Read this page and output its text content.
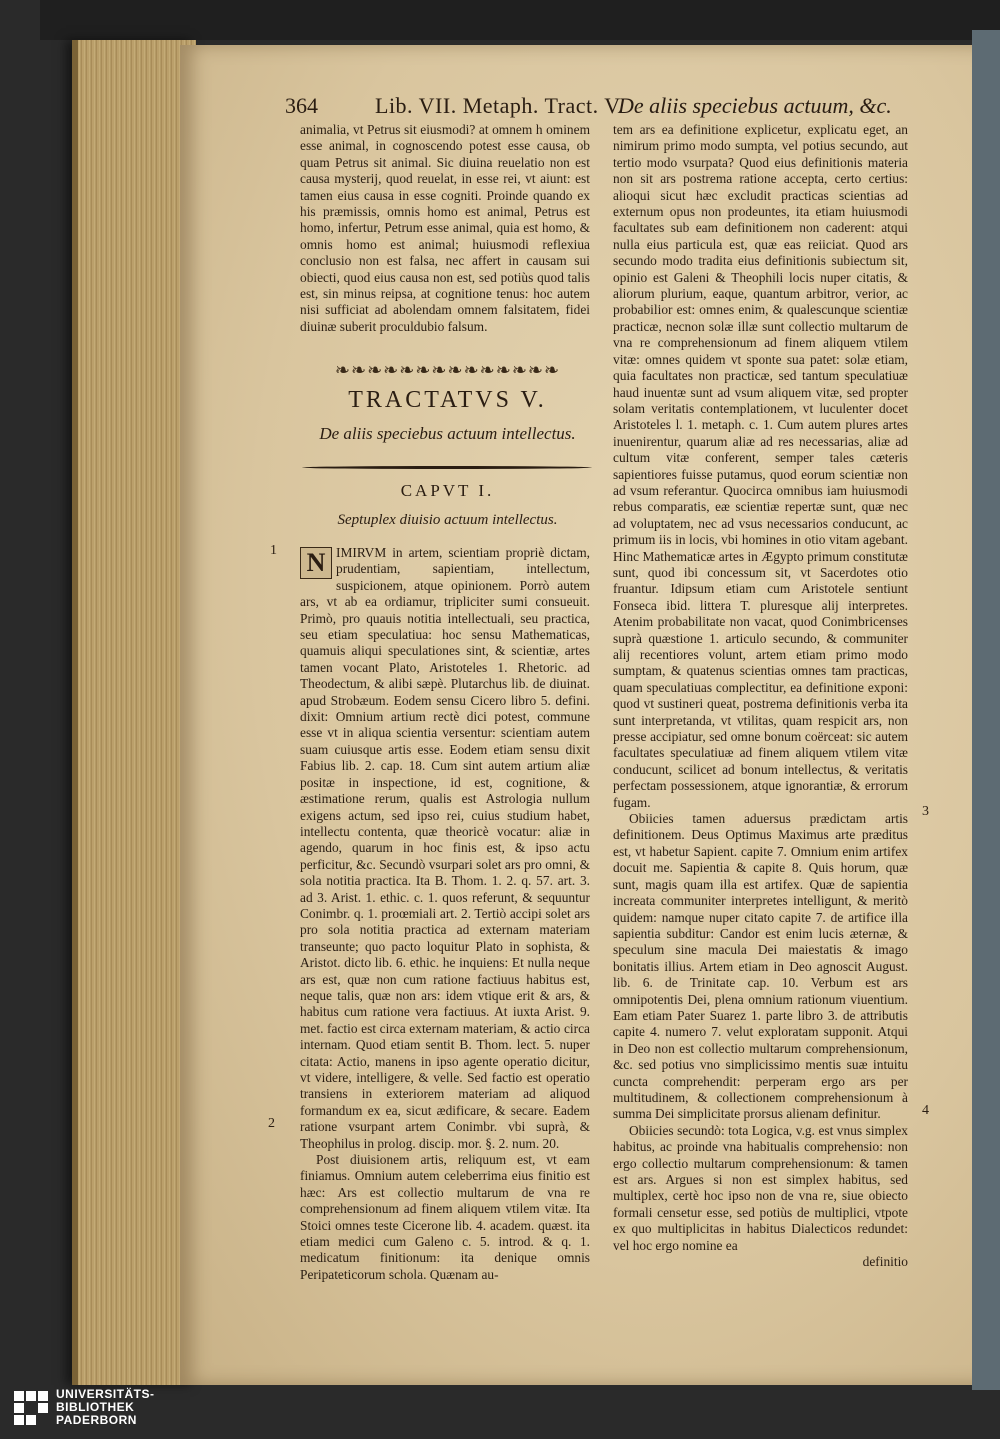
364	Lib. VII. Metaph. Tract. V.
De aliis speciebus actuum, &c.

animalia, vt Petrus sit eiusmodi? at omnem h ominem esse animal, in cognoscendo potest esse causa, ob quam Petrus sit animal. Sic diuina reuelatio non est causa mysterij, quod reuelat, in esse rei, vt aiunt: est tamen eius causa in esse cogniti. Proinde quando ex his præmissis, omnis homo est animal, Petrus est homo, infertur, Petrum esse animal, quia est homo, & omnis homo est animal; huiusmodi reflexiua conclusio non est falsa, nec affert in causam sui obiecti, quod eius causa non est, sed potiùs quod talis est, sin minus reipsa, at cognitione tenus: hoc autem nisi sufficiat ad abolendam omnem falsitatem, fidei diuinæ suberit proculdubio falsum.

❧❧❧❧❧❧❧❧❧❧❧❧❧❧
TRACTATVS V.
De aliis speciebus actuum intellectus.
CAPVT I.
Septuplex diuisio actuum intellectus.

N IMIRVM in artem, scientiam propriè dictam, prudentiam, sapientiam, intellectum, suspicionem, atque opinionem. Porrò autem ars, vt ab ea ordiamur, tripliciter sumi consueuit. Primò, pro quauis notitia intellectuali, seu practica, seu etiam speculatiua: hoc sensu Mathematicas, quamuis aliqui speculationes sint, & scientiæ, artes tamen vocant Plato, Aristoteles 1. Rhetoric. ad Theodectum, & alibi sæpè. Plutarchus lib. de diuinat. apud Strobæum. Eodem sensu Cicero libro 5. defini. dixit: Omnium artium rectè dici potest, commune esse vt in aliqua scientia versentur: scientiam autem suam cuiusque artis esse. Eodem etiam sensu dixit Fabius lib. 2. cap. 18. Cum sint autem artium aliæ positæ in inspectione, id est, cognitione, & æstimatione rerum, qualis est Astrologia nullum exigens actum, sed ipso rei, cuius studium habet, intellectu contenta, quæ theoricè vocatur: aliæ in agendo, quarum in hoc finis est, & ipso actu perficitur, &c. Secundò vsurpari solet ars pro omni, & sola notitia practica. Ita B. Thom. 1. 2. q. 57. art. 3. ad 3. Arist. 1. ethic. c. 1. quos referunt, & sequuntur Conimbr. q. 1. proœmiali art. 2. Tertiò accipi solet ars pro sola notitia practica ad externam materiam transeunte; quo pacto loquitur Plato in sophista, & Aristot. dicto lib. 6. ethic. he inquiens: Et nulla neque ars est, quæ non cum ratione factiuus habitus est, neque talis, quæ non ars: idem vtique erit & ars, & habitus cum ratione vera factiuus. At iuxta Arist. 9. met. factio est circa externam materiam, & actio circa internam. Quod etiam sentit B. Thom. lect. 5. nuper citata: Actio, manens in ipso agente operatio dicitur, vt videre, intelligere, & velle. Sed factio est operatio transiens in exteriorem materiam ad aliquod formandum ex ea, sicut ædificare, & secare. Eadem ratione vsurpant artem Conimbr. vbi suprà, & Theophilus in prolog. discip. mor. §. 2. num. 20.

Post diuisionem artis, reliquum est, vt eam finiamus. Omnium autem celeberrima eius finitio est hæc: Ars est collectio multarum de vna re comprehensionum ad finem aliquem vtilem vitæ. Ita Stoici omnes teste Cicerone lib. 4. academ. quæst. ita etiam medici cum Galeno c. 5. introd. & q. 1. medicatum finitionum: ita denique omnis Peripateticorum schola. Quænam au-

tem ars ea definitione explicetur, explicatu eget, an nimirum primo modo sumpta, vel potius secundo, aut tertio modo vsurpata? Quod eius definitionis materia non sit ars postrema ratione accepta, certo certius: alioqui sicut hæc excludit practicas scientias ad externum opus non prodeuntes, ita etiam huiusmodi facultates sub eam definitionem non caderent: atqui nulla eius particula est, quæ eas reiiciat. Quod ars secundo modo tradita eius definitionis subiectum sit, opinio est Galeni & Theophili locis nuper citatis, & aliorum plurium, eaque, quantum arbitror, verior, ac probabilior est: omnes enim, & qualescunque scientiæ practicæ, necnon solæ illæ sunt collectio multarum de vna re comprehensionum ad finem aliquem vtilem vitæ: omnes quidem vt sponte sua patet: solæ etiam, quia facultates non practicæ, sed tantum speculatiuæ haud inuentæ sunt ad vsum aliquem vitæ, sed propter solam veritatis contemplationem, vt luculenter docet Aristoteles l. 1. metaph. c. 1. Cum autem plures artes inuenirentur, quarum aliæ ad res necessarias, aliæ ad cultum vitæ conferent, semper tales cæteris sapientiores fuisse putamus, quod eorum scientiæ non ad vsum referantur. Quocirca omnibus iam huiusmodi rebus comparatis, eæ scientiæ repertæ sunt, quæ nec ad voluptatem, nec ad vsus necessarios conducunt, ac primum iis in locis, vbi homines in otio vitam agebant. Hinc Mathematicæ artes in Ægypto primum constitutæ sunt, quod ibi concessum sit, vt Sacerdotes otio fruantur. Idipsum etiam cum Aristotele sentiunt Fonseca ibid. littera T. pluresque alij interpretes. Atenim probabilitate non vacat, quod Conimbricenses suprà quæstione 1. articulo secundo, & communiter alij recentiores volunt, artem etiam primo modo sumptam, & quatenus scientias omnes tam practicas, quam speculatiuas complectitur, ea definitione exponi: quod vt sustineri queat, postrema definitionis verba ita sunt interpretanda, vt vtilitas, quam respicit ars, non presse accipiatur, sed omne bonum coërceat: sic autem facultates speculatiuæ ad finem aliquem vtilem vitæ conducunt, scilicet ad bonum intellectus, & veritatis perfectam possessionem, atque ignorantiæ, & errorum fugam.

Obiicies tamen aduersus prædictam artis definitionem. Deus Optimus Maximus arte præditus est, vt habetur Sapient. capite 7. Omnium enim artifex docuit me. Sapientia & capite 8. Quis horum, quæ sunt, magis quam illa est artifex. Quæ de sapientia increata communiter interpretes intelligunt, & meritò quidem: namque nuper citato capite 7. de artifice illa sapientia subditur: Candor est enim lucis æternæ, & speculum sine macula Dei maiestatis & imago bonitatis illius. Artem etiam in Deo agnoscit August. lib. 6. de Trinitate cap. 10. Verbum est ars omnipotentis Dei, plena omnium rationum viuentium. Eam etiam Pater Suarez 1. parte libro 3. de attributis capite 4. numero 7. velut exploratam supponit. Atqui in Deo non est collectio multarum comprehensionum, &c. sed potius vno simplicissimo mentis suæ intuitu cuncta comprehendit: perperam ergo ars per multitudinem, & collectionem comprehensionum à summa Dei simplicitate prorsus alienam definitur.

Obiicies secundò: tota Logica, v.g. est vnus simplex habitus, ac proinde vna habitualis comprehensio: non ergo collectio multarum comprehensionum: & tamen est ars. Argues si non est simplex habitus, sed multiplex, certè hoc ipso non de vna re, siue obiecto formali censetur esse, sed potiùs de multiplici, vtpote ex quo multiplicitas in habitus Dialecticos redundet: vel hoc ergo nomine ea

definitio

1
2
3
4
UNIVERSITÄTS-
BIBLIOTHEK
PADERBORN
